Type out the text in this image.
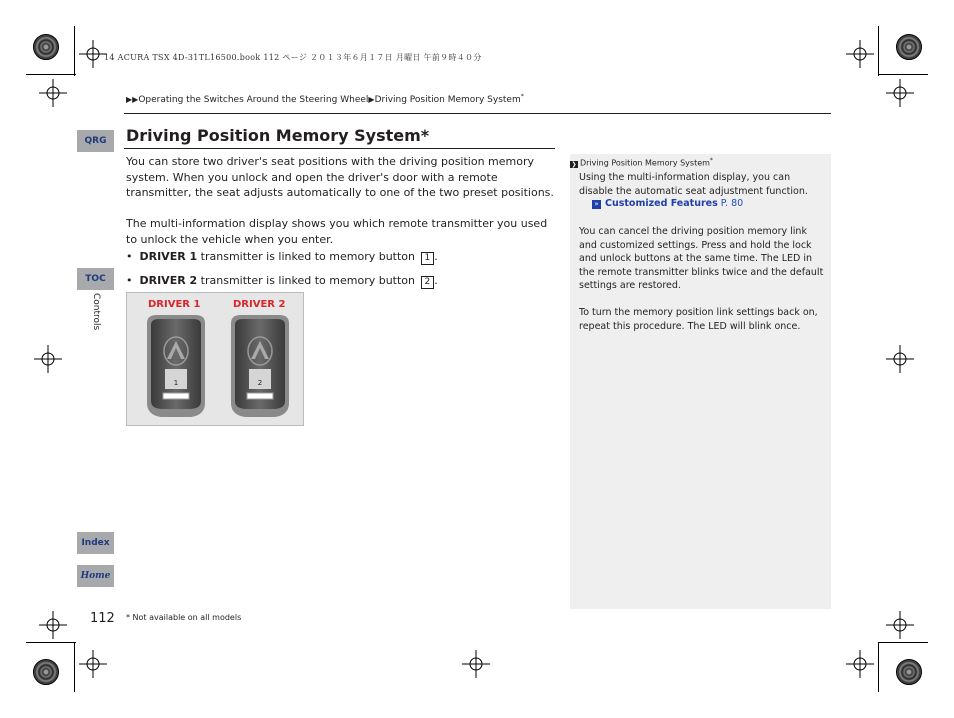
14 ACURA TSX 4D-31TL16500.book 112 ページ ２０１３年６月１７日 月曜日 午前９時４０分
▶▶Operating the Switches Around the Steering Wheel▶Driving Position Memory System*
QRG
TOC
Controls
Index
Home
Driving Position Memory System*
You can store two driver's seat positions with the driving position memory system. When you unlock and open the driver's door with a remote transmitter, the seat adjusts automatically to one of the two preset positions.
The multi-information display shows you which remote transmitter you used to unlock the vehicle when you enter.
•  DRIVER 1 transmitter is linked to memory button 1 .
•  DRIVER 2 transmitter is linked to memory button 2 .
DRIVER 1	DRIVER 2
1	2
❯ Driving Position Memory System*
Using the multi-information display, you can disable the automatic seat adjustment function.
» Customized Features P. 80
You can cancel the driving position memory link and customized settings. Press and hold the lock and unlock buttons at the same time. The LED in the remote transmitter blinks twice and the default settings are restored.
To turn the memory position link settings back on, repeat this procedure. The LED will blink once.
112 * Not available on all models
